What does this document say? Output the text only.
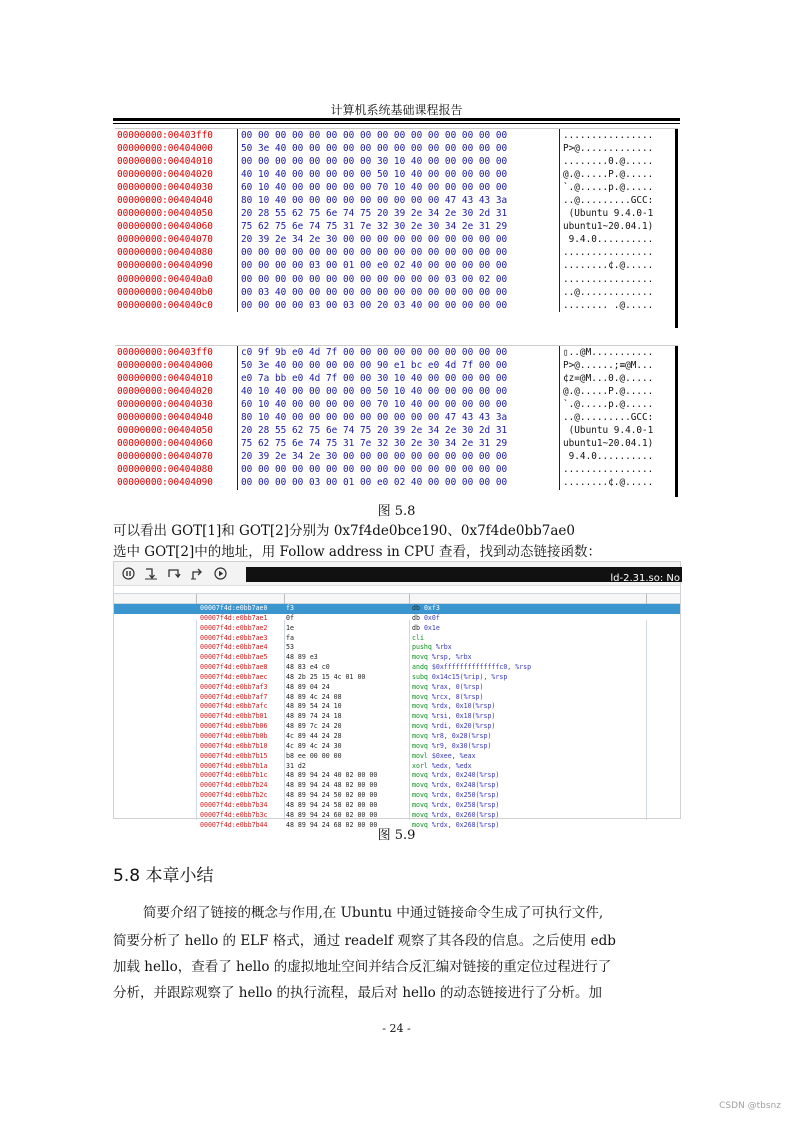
计算机系统基础课程报告
00000000:00403ff0	00 00 00 00 00 00 00 00 00 00 00 00 00 00 00 00	................
00000000:00404000	50 3e 40 00 00 00 00 00 00 00 00 00 00 00 00 00	P>@.............
00000000:00404010	00 00 00 00 00 00 00 00 30 10 40 00 00 00 00 00	........0.@.....
00000000:00404020	40 10 40 00 00 00 00 00 50 10 40 00 00 00 00 00	@.@.....P.@.....
00000000:00404030	60 10 40 00 00 00 00 00 70 10 40 00 00 00 00 00	`.@.....p.@.....
00000000:00404040	80 10 40 00 00 00 00 00 00 00 00 00 47 43 43 3a	..@.........GCC:
00000000:00404050	20 28 55 62 75 6e 74 75 20 39 2e 34 2e 30 2d 31	(Ubuntu 9.4.0-1
00000000:00404060	75 62 75 6e 74 75 31 7e 32 30 2e 30 34 2e 31 29	ubuntu1~20.04.1)
00000000:00404070	20 39 2e 34 2e 30 00 00 00 00 00 00 00 00 00 00	9.4.0..........
00000000:00404080	00 00 00 00 00 00 00 00 00 00 00 00 00 00 00 00	................
00000000:00404090	00 00 00 00 03 00 01 00 e0 02 40 00 00 00 00 00	........¢.@.....
00000000:004040a0	00 00 00 00 00 00 00 00 00 00 00 00 03 00 02 00	................
00000000:004040b0	00 03 40 00 00 00 00 00 00 00 00 00 00 00 00 00	..@.............
00000000:004040c0	00 00 00 00 03 00 03 00 20 03 40 00 00 00 00 00	........ .@.....
00000000:00403ff0	c0 9f 9b e0 4d 7f 00 00 00 00 00 00 00 00 00 00	▯..@M...........
00000000:00404000	50 3e 40 00 00 00 00 00 90 e1 bc e0 4d 7f 00 00	P>@......;≡@M...
00000000:00404010	e0 7a bb e0 4d 7f 00 00 30 10 40 00 00 00 00 00	¢z=@M...0.@.....
00000000:00404020	40 10 40 00 00 00 00 00 50 10 40 00 00 00 00 00	@.@.....P.@.....
00000000:00404030	60 10 40 00 00 00 00 00 70 10 40 00 00 00 00 00	`.@.....p.@.....
00000000:00404040	80 10 40 00 00 00 00 00 00 00 00 00 47 43 43 3a	..@.........GCC:
00000000:00404050	20 28 55 62 75 6e 74 75 20 39 2e 34 2e 30 2d 31	(Ubuntu 9.4.0-1
00000000:00404060	75 62 75 6e 74 75 31 7e 32 30 2e 30 34 2e 31 29	ubuntu1~20.04.1)
00000000:00404070	20 39 2e 34 2e 30 00 00 00 00 00 00 00 00 00 00	9.4.0..........
00000000:00404080	00 00 00 00 00 00 00 00 00 00 00 00 00 00 00 00	................
00000000:00404090	00 00 00 00 03 00 01 00 e0 02 40 00 00 00 00 00	........¢.@.....
图 5.8
可以看出 GOT[1]和 GOT[2]分别为 0x7f4de0bce190、0x7f4de0bb7ae0
选中 GOT[2]中的地址，用 Follow address in CPU 查看，找到动态链接函数：
ld-2.31.so: No
00007f4d:e0bb7ae0	f3	db 0xf3
00007f4d:e0bb7ae1	0f	db 0x0f
00007f4d:e0bb7ae2	1e	db 0x1e
00007f4d:e0bb7ae3	fa	cli
00007f4d:e0bb7ae4	53	pushq %rbx
00007f4d:e0bb7ae5	48 89 e3	movq %rsp, %rbx
00007f4d:e0bb7ae8	48 83 e4 c0	andq $0xffffffffffffffc0, %rsp
00007f4d:e0bb7aec	48 2b 25 15 4c 01 00	subq 0x14c15(%rip), %rsp
00007f4d:e0bb7af3	48 89 04 24	movq %rax, 0(%rsp)
00007f4d:e0bb7af7	48 89 4c 24 08	movq %rcx, 8(%rsp)
00007f4d:e0bb7afc	48 89 54 24 10	movq %rdx, 0x10(%rsp)
00007f4d:e0bb7b01	48 89 74 24 18	movq %rsi, 0x18(%rsp)
00007f4d:e0bb7b06	48 89 7c 24 20	movq %rdi, 0x20(%rsp)
00007f4d:e0bb7b0b	4c 89 44 24 28	movq %r8, 0x28(%rsp)
00007f4d:e0bb7b10	4c 89 4c 24 30	movq %r9, 0x30(%rsp)
00007f4d:e0bb7b15	b8 ee 00 00 00	movl $0xee, %eax
00007f4d:e0bb7b1a	31 d2	xorl %edx, %edx
00007f4d:e0bb7b1c	48 89 94 24 40 02 00 00	movq %rdx, 0x240(%rsp)
00007f4d:e0bb7b24	48 89 94 24 48 02 00 00	movq %rdx, 0x248(%rsp)
00007f4d:e0bb7b2c	48 89 94 24 50 02 00 00	movq %rdx, 0x250(%rsp)
00007f4d:e0bb7b34	48 89 94 24 58 02 00 00	movq %rdx, 0x258(%rsp)
00007f4d:e0bb7b3c	48 89 94 24 60 02 00 00	movq %rdx, 0x260(%rsp)
00007f4d:e0bb7b44	48 89 94 24 68 02 00 00	movq %rdx, 0x268(%rsp)
图 5.9
5.8 本章小结
简要介绍了链接的概念与作用,在 Ubuntu 中通过链接命令生成了可执行文件,
简要分析了 hello 的 ELF 格式，通过 readelf 观察了其各段的信息。之后使用 edb
加载 hello，查看了 hello 的虚拟地址空间并结合反汇编对链接的重定位过程进行了
分析，并跟踪观察了 hello 的执行流程，最后对 hello 的动态链接进行了分析。加
- 24 -
CSDN @tbsnz
